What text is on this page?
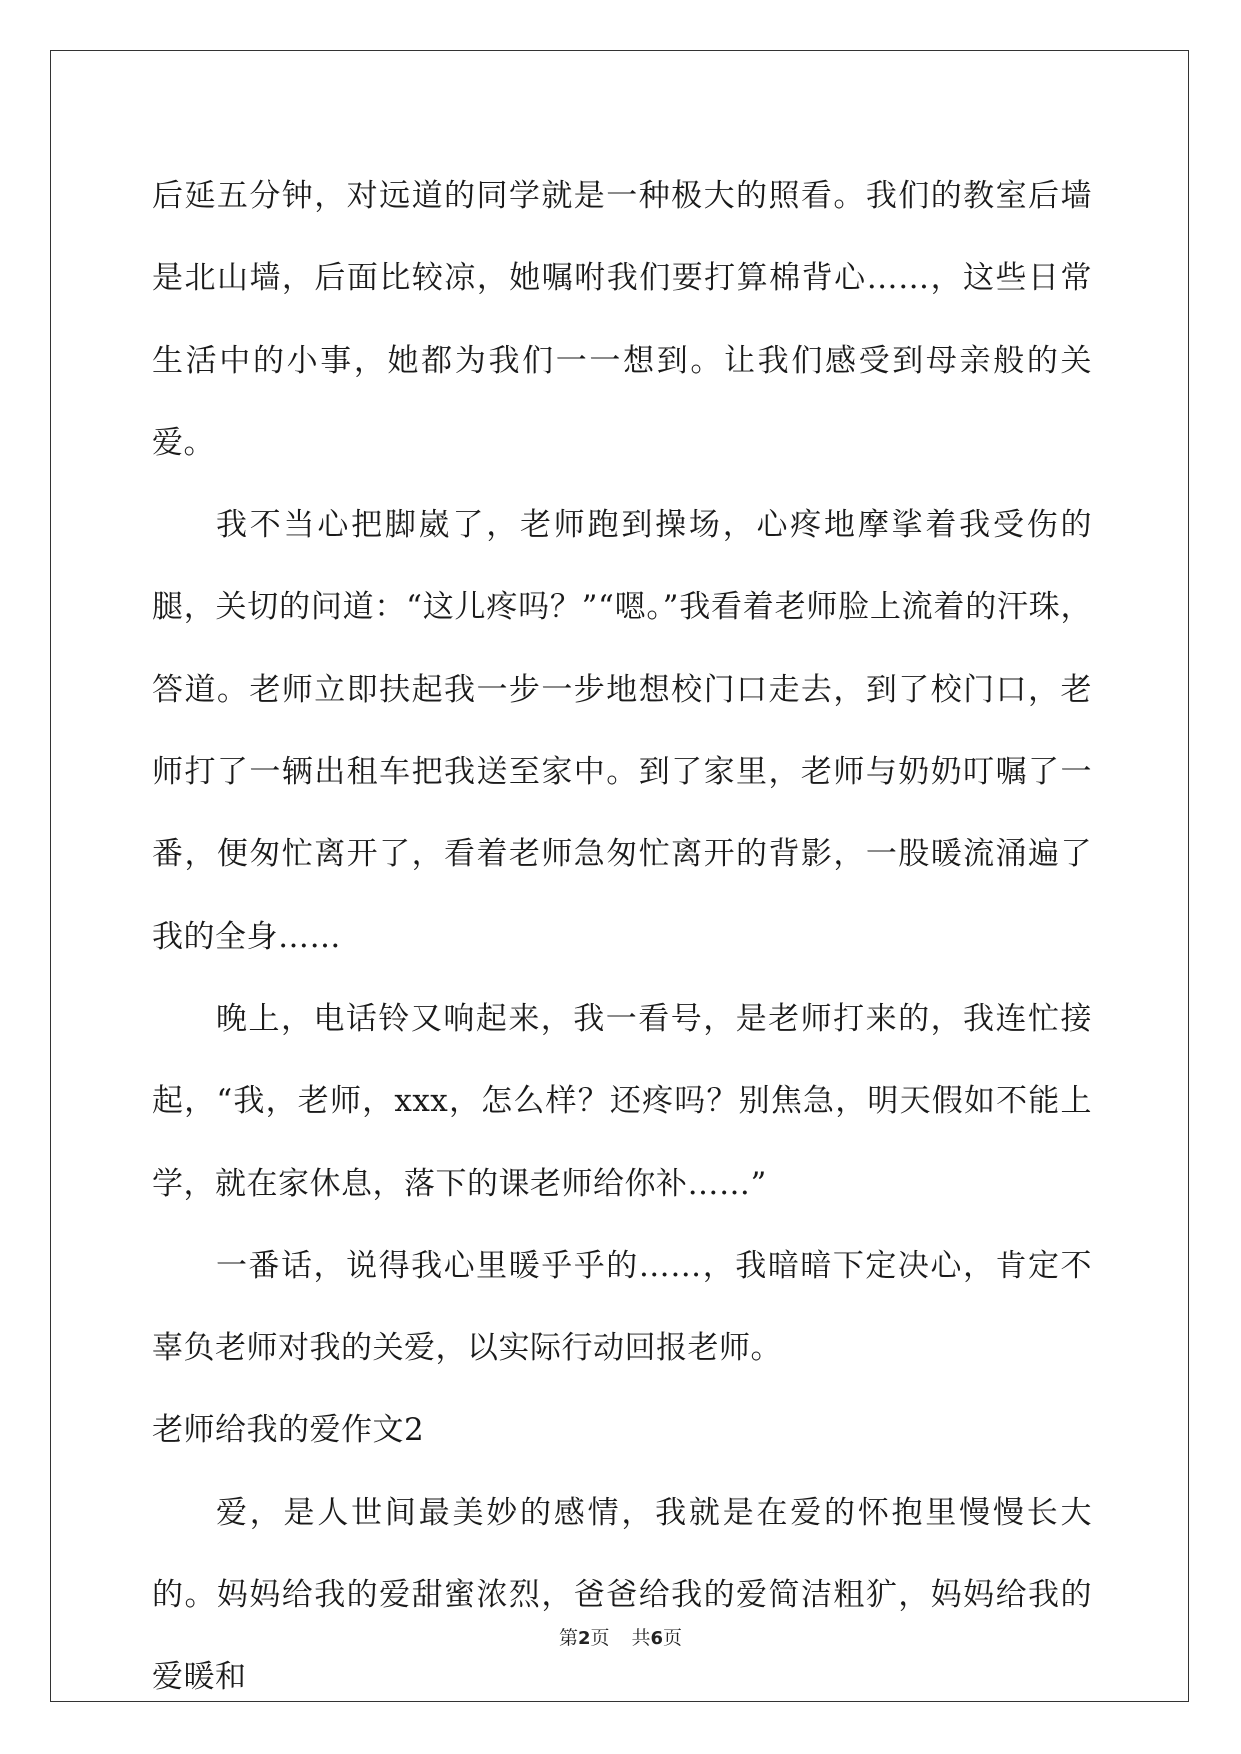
后延五分钟，对远道的同学就是一种极大的照看。我们的教室后墙是北山墙，后面比较凉，她嘱咐我们要打算棉背心……，这些日常生活中的小事，她都为我们一一想到。让我们感受到母亲般的关爱。

我不当心把脚崴了，老师跑到操场，心疼地摩挲着我受伤的腿，关切的问道：“这儿疼吗？”“嗯。”我看着老师脸上流着的汗珠，答道。老师立即扶起我一步一步地想校门口走去，到了校门口，老师打了一辆出租车把我送至家中。到了家里，老师与奶奶叮嘱了一番，便匆忙离开了，看着老师急匆忙离开的背影，一股暖流涌遍了我的全身……

晚上，电话铃又响起来，我一看号，是老师打来的，我连忙接起，“我，老师，xxx，怎么样？还疼吗？别焦急，明天假如不能上学，就在家休息，落下的课老师给你补……”

一番话，说得我心里暖乎乎的……，我暗暗下定决心，肯定不辜负老师对我的关爱，以实际行动回报老师。

老师给我的爱作文2

爱，是人世间最美妙的感情，我就是在爱的怀抱里慢慢长大的。妈妈给我的爱甜蜜浓烈，爸爸给我的爱简洁粗犷，妈妈给我的爱暖和

第2页 共6页
